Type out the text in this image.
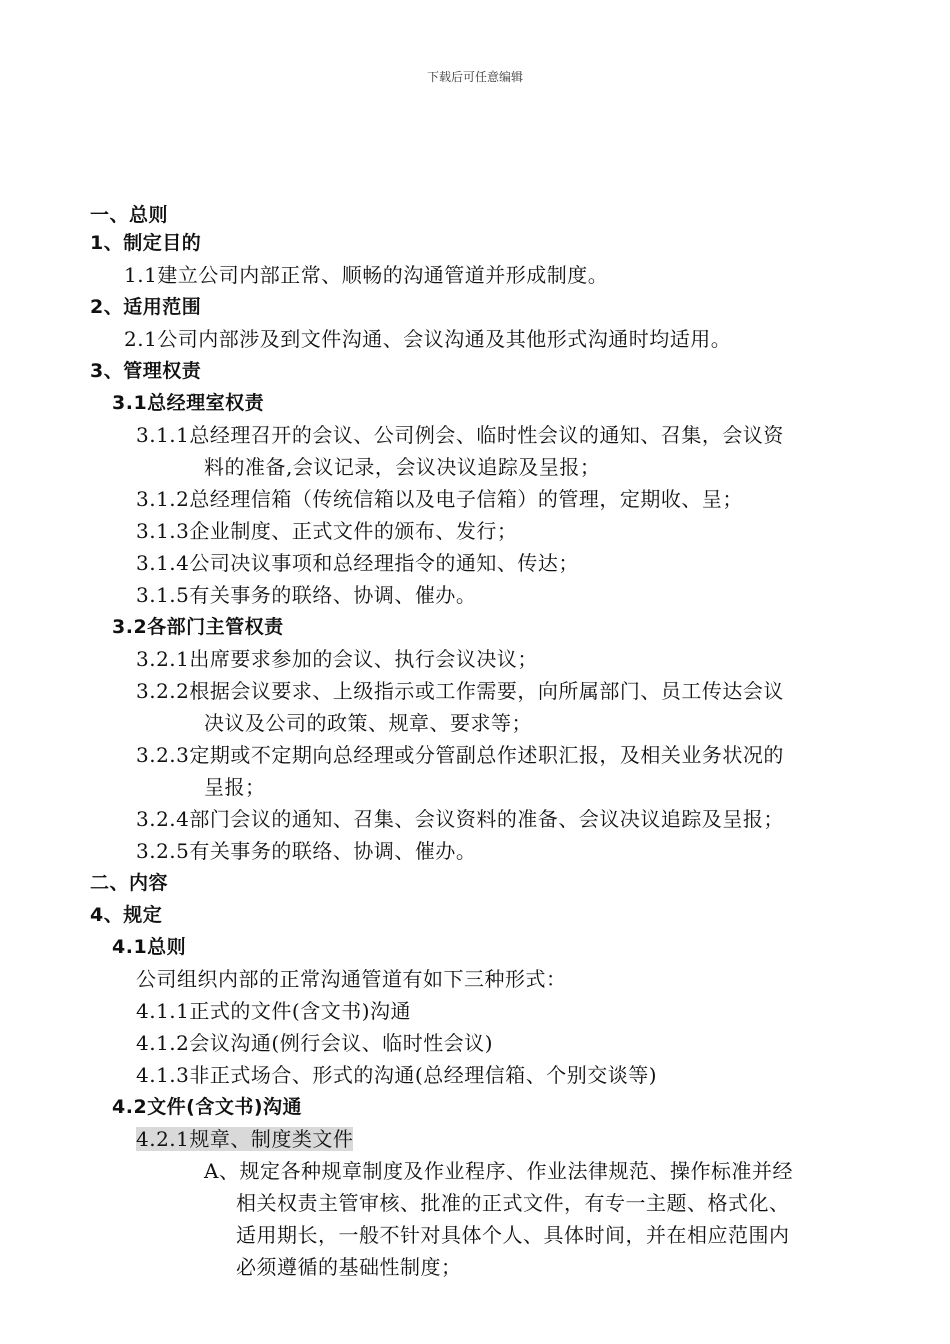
下载后可任意编辑
一、总则
1、制定目的
1.1建立公司内部正常、顺畅的沟通管道并形成制度。
2、适用范围
2.1公司内部涉及到文件沟通、会议沟通及其他形式沟通时均适用。
3、管理权责
3.1总经理室权责
3.1.1总经理召开的会议、公司例会、临时性会议的通知、召集，会议资
料的准备,会议记录，会议决议追踪及呈报；
3.1.2总经理信箱（传统信箱以及电子信箱）的管理，定期收、呈；
3.1.3企业制度、正式文件的颁布、发行；
3.1.4公司决议事项和总经理指令的通知、传达；
3.1.5有关事务的联络、协调、催办。
3.2各部门主管权责
3.2.1出席要求参加的会议、执行会议决议；
3.2.2根据会议要求、上级指示或工作需要，向所属部门、员工传达会议
决议及公司的政策、规章、要求等；
3.2.3定期或不定期向总经理或分管副总作述职汇报，及相关业务状况的
呈报；
3.2.4部门会议的通知、召集、会议资料的准备、会议决议追踪及呈报；
3.2.5有关事务的联络、协调、催办。
二、内容
4、规定
4.1总则
公司组织内部的正常沟通管道有如下三种形式：
4.1.1正式的文件(含文书)沟通
4.1.2会议沟通(例行会议、临时性会议)
4.1.3非正式场合、形式的沟通(总经理信箱、个别交谈等)
4.2文件(含文书)沟通
4.2.1规章、制度类文件
A、规定各种规章制度及作业程序、作业法律规范、操作标准并经
相关权责主管审核、批准的正式文件，有专一主题、格式化、
适用期长，一般不针对具体个人、具体时间，并在相应范围内
必须遵循的基础性制度；
